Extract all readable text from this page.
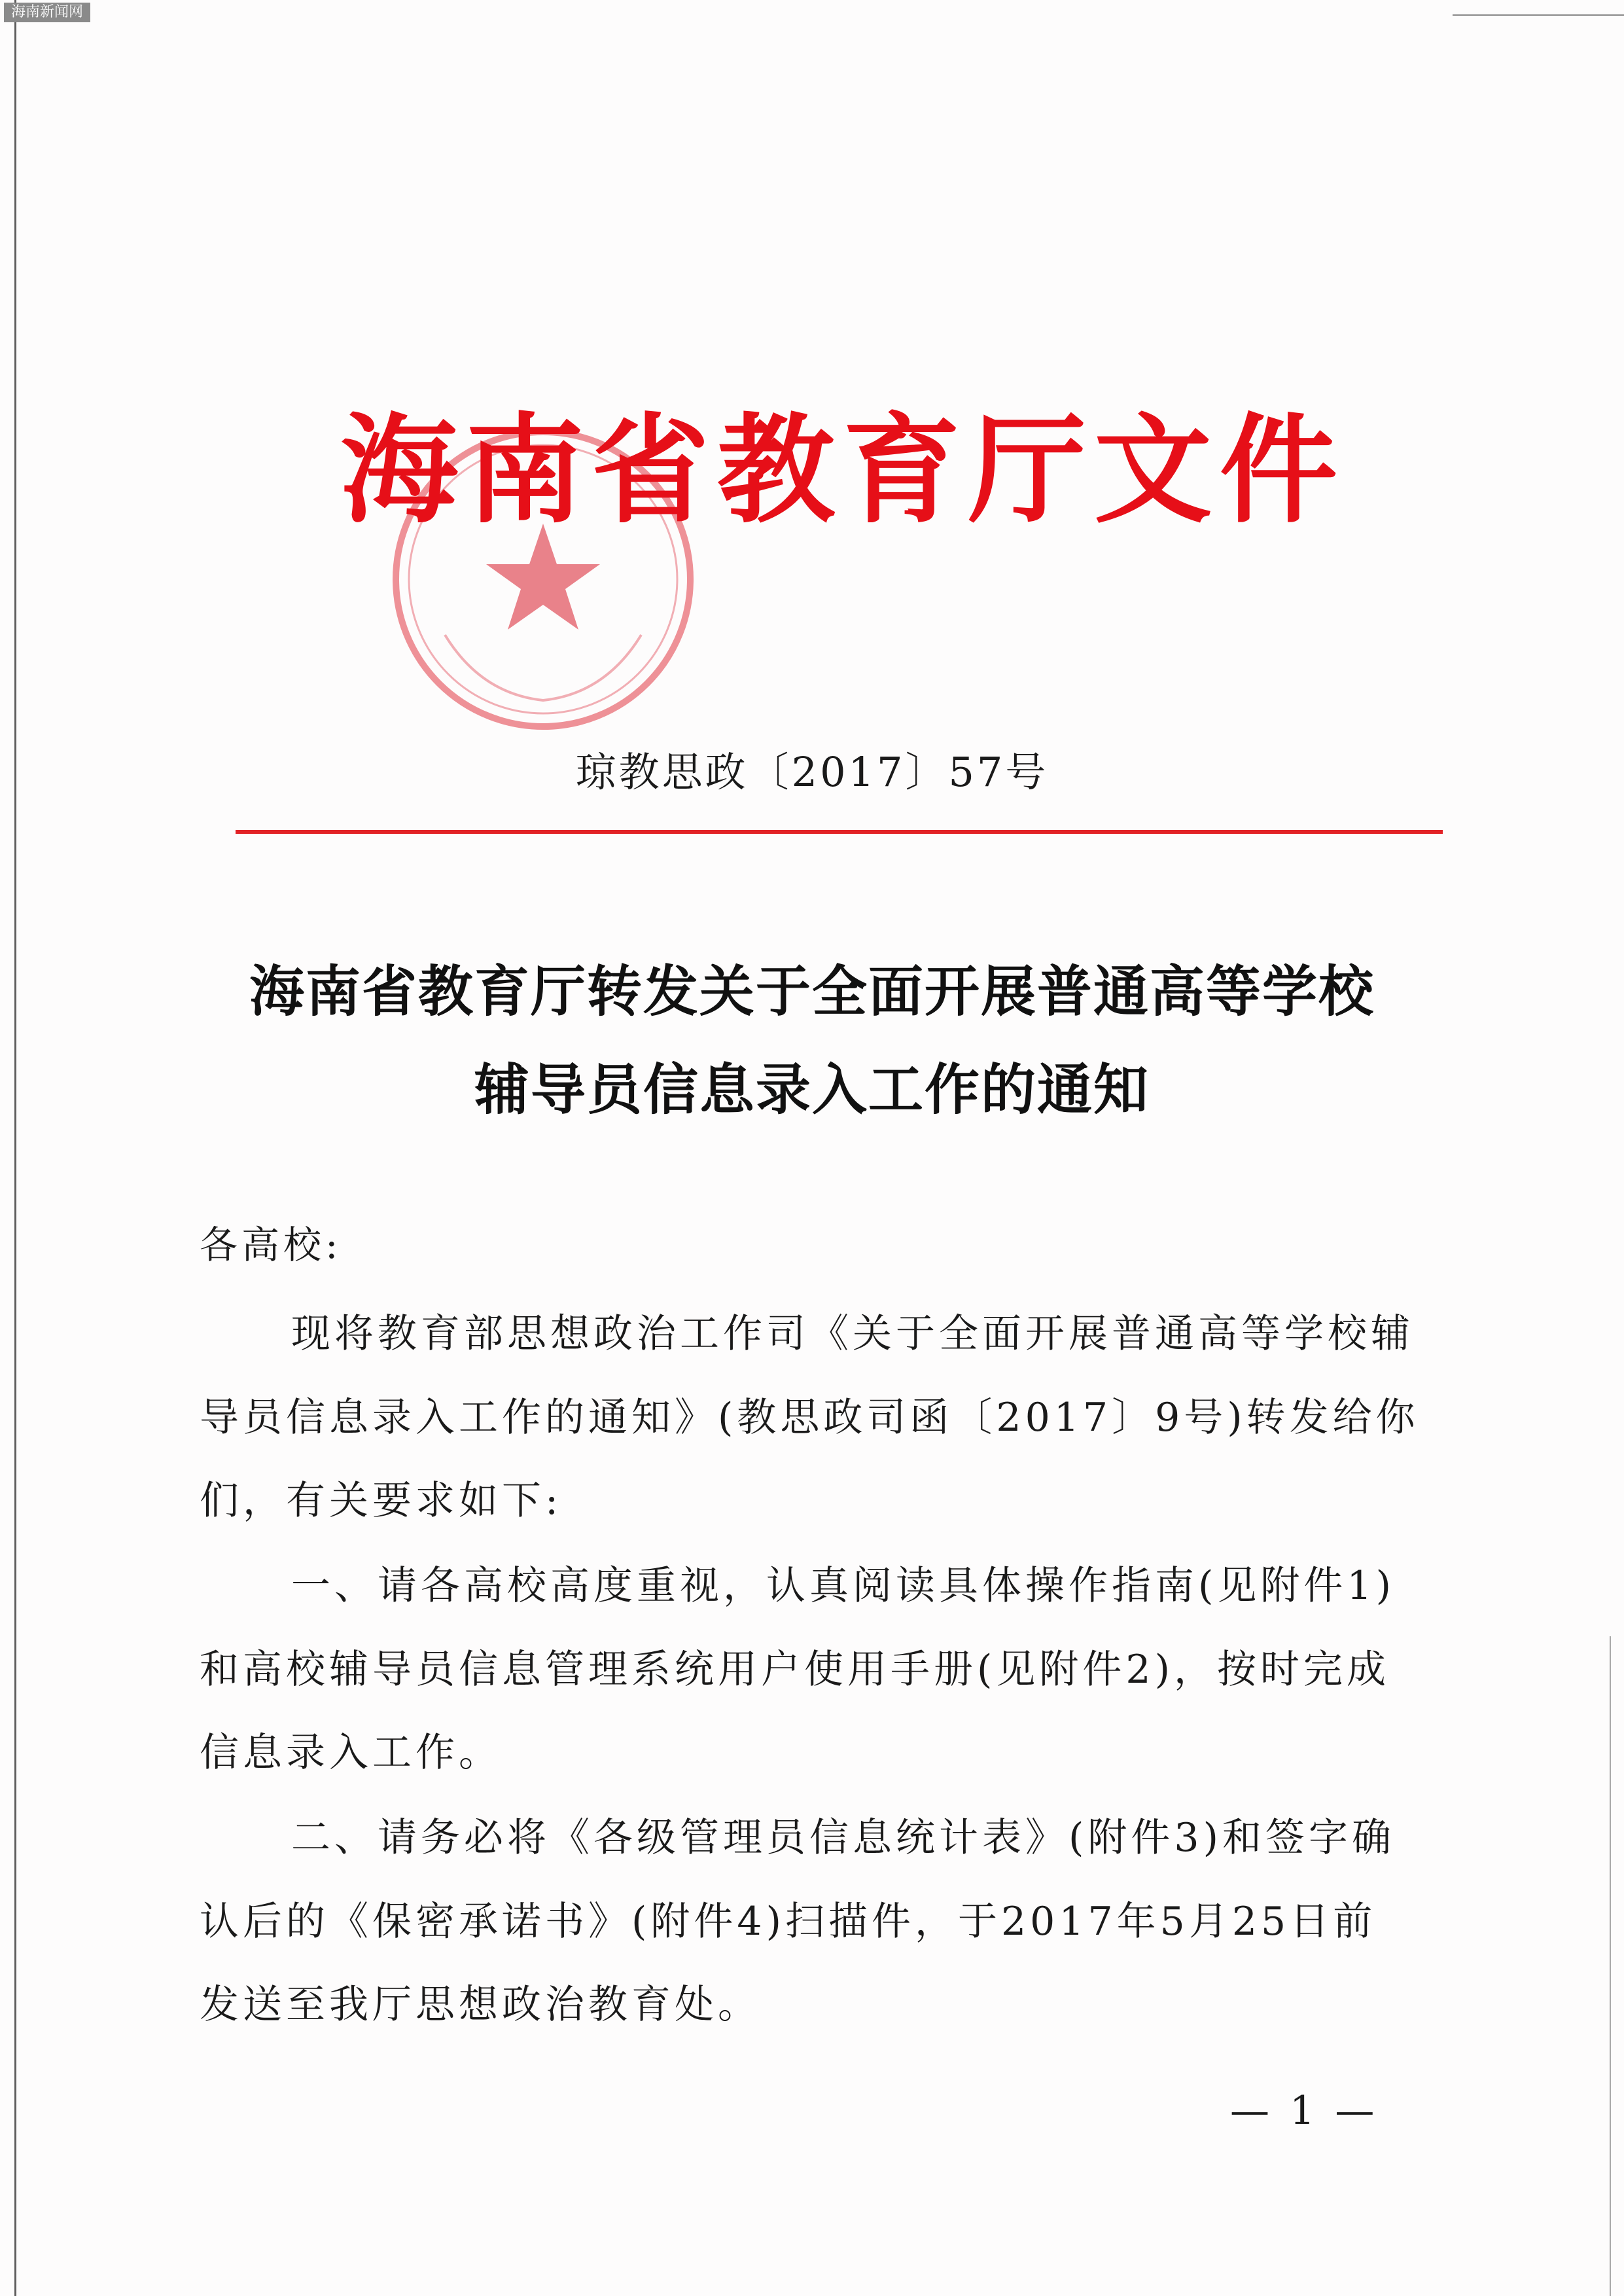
海南新闻网
海南省教育厅文件
琼教思政〔2017〕57号
海南省教育厅转发关于全面开展普通高等学校
辅导员信息录入工作的通知
各高校:
现将教育部思想政治工作司《关于全面开展普通高等学校辅
导员信息录入工作的通知》(教思政司函〔2017〕9号)转发给你
们，有关要求如下:
一、请各高校高度重视，认真阅读具体操作指南(见附件1)
和高校辅导员信息管理系统用户使用手册(见附件2)，按时完成
信息录入工作。
二、请务必将《各级管理员信息统计表》(附件3)和签字确
认后的《保密承诺书》(附件4)扫描件，于2017年5月25日前
发送至我厅思想政治教育处。
— 1 —
